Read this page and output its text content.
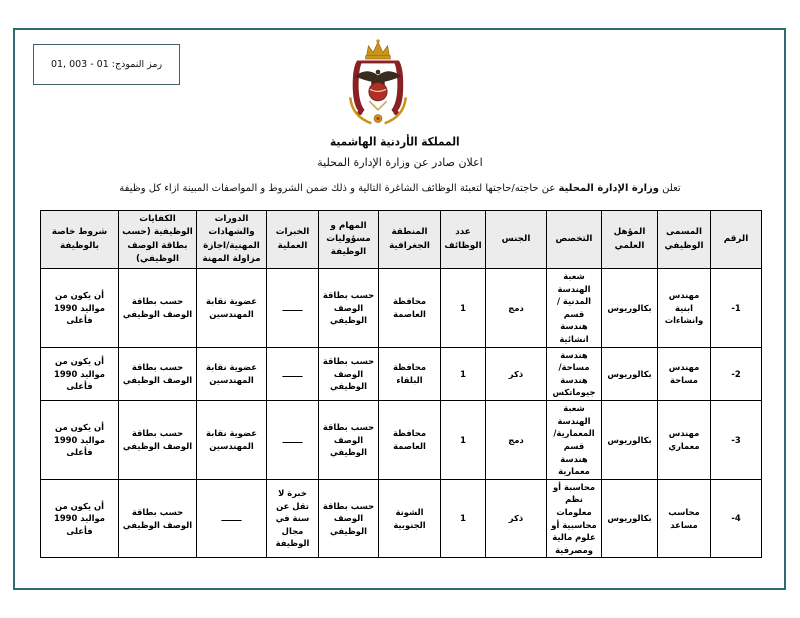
رمز النموذج:
01, 003 - 01
المملكة الأردنية الهاشمية
اعلان صادر عن وزارة الإدارة المحلية
تعلن وزارة الإدارة المحلية عن حاجته/حاجتها لتعبئة الوظائف الشاغرة التالية و ذلك ضمن الشروط و المواصفات المبينة ازاء كل وظيفة
الرقم	المسمى الوظيفي	المؤهل العلمي	التخصص	الجنس	عدد الوظائف	المنطقة الجغرافية	المهام و مسؤوليات الوظيفة	الخبرات العملية	الدورات والشهادات المهنية/اجازة مزاولة المهنة	الكفايات الوظيفية (حسب بطاقة الوصف الوظيفي)	شروط خاصة بالوظيفة
-1	مهندس ابنية وانشاءات	بكالوريوس	شعبة الهندسة المدنية /قسم هندسة انشائية	دمج	1	محافظة العاصمة	حسب بطاقة الوصف الوظيفي	ـــــــ	عضوية نقابة المهندسين	حسب بطاقة الوصف الوظيفي	أن يكون من مواليد 1990 فأعلى
-2	مهندس مساحة	بكالوريوس	هندسة مساحة/ هندسة جيوماتكس	ذكر	1	محافظة البلقاء	حسب بطاقة الوصف الوظيفي	ـــــــ	عضوية نقابة المهندسين	حسب بطاقة الوصف الوظيفي	أن يكون من مواليد 1990 فأعلى
-3	مهندس معماري	بكالوريوس	شعبة الهندسة المعمارية/ قسم هندسة معمارية	دمج	1	محافظة العاصمة	حسب بطاقة الوصف الوظيفي	ـــــــ	عضوية نقابة المهندسين	حسب بطاقة الوصف الوظيفي	أن يكون من مواليد 1990 فأعلى
-4	محاسب مساعد	بكالوريوس	محاسبة أو نظم معلومات محاسبية أو علوم مالية ومصرفية	ذكر	1	الشونة الجنوبية	حسب بطاقة الوصف الوظيفي	خبرة لا تقل عن سنة في مجال الوظيفة	ـــــــ	حسب بطاقة الوصف الوظيفي	أن يكون من مواليد 1990 فأعلى
